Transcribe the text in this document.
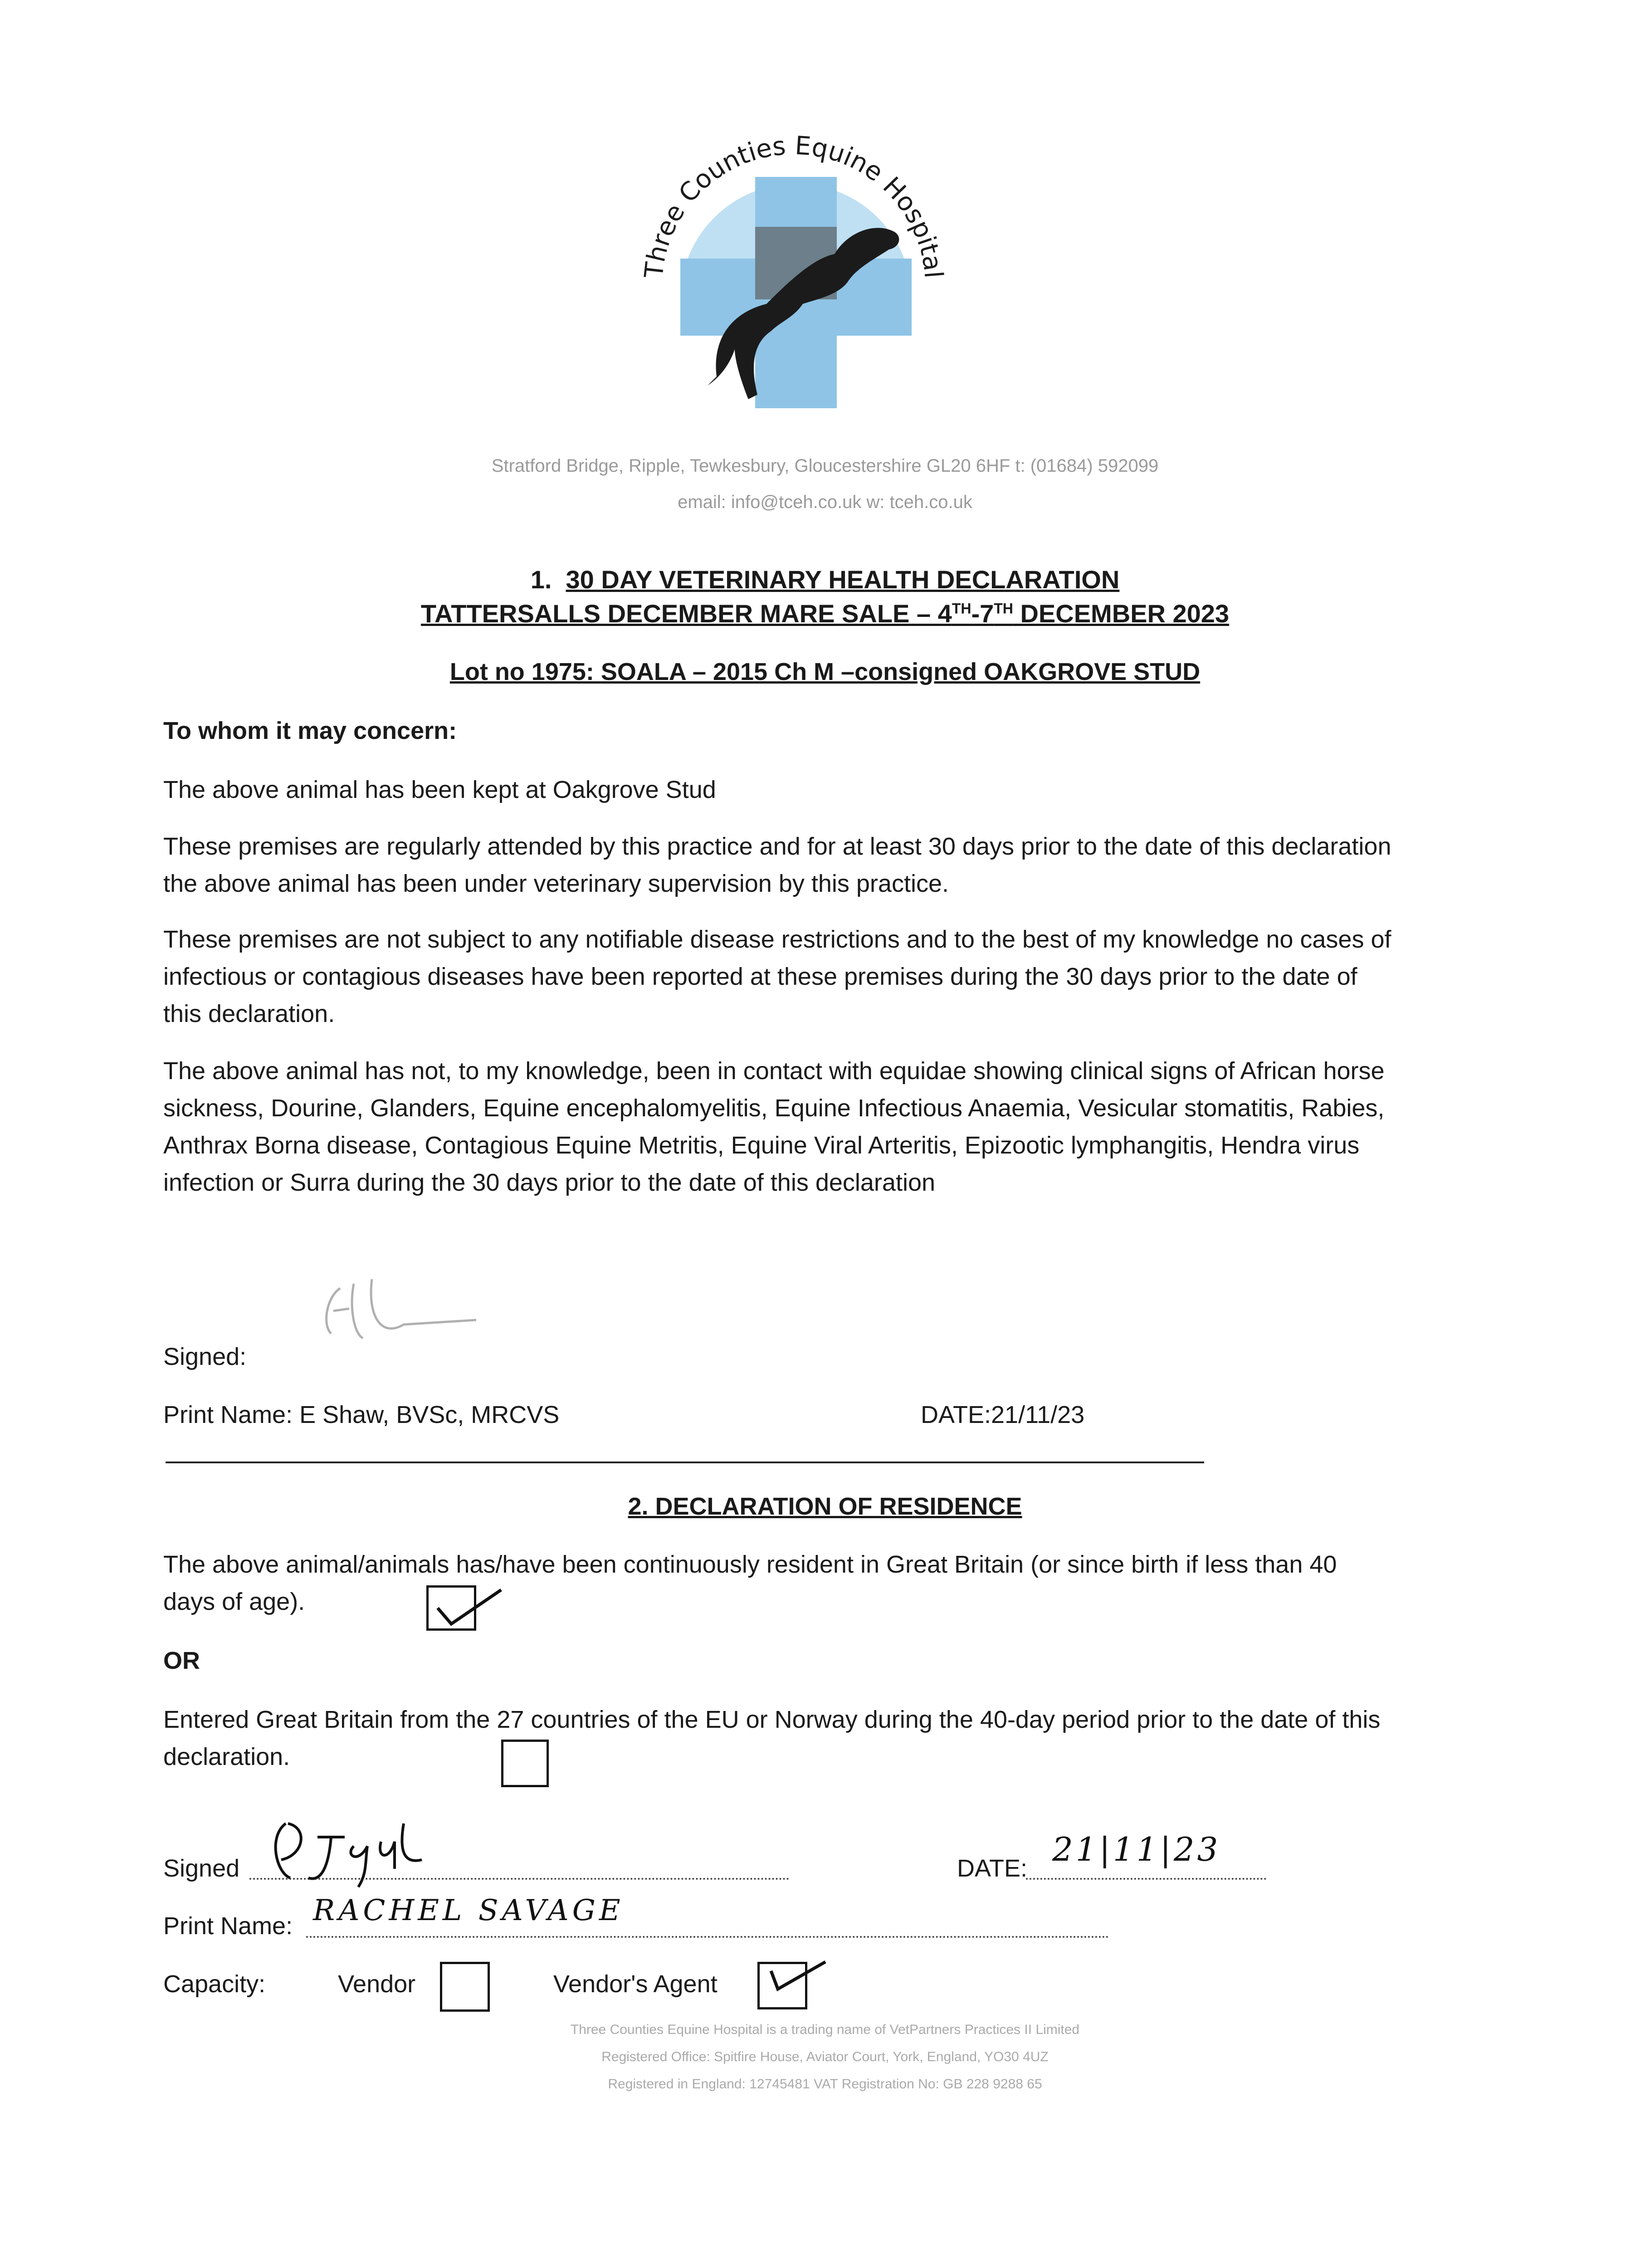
Three Counties Equine Hospital
Stratford Bridge, Ripple, Tewkesbury, Gloucestershire GL20 6HF t: (01684) 592099
email: info@tceh.co.uk w: tceh.co.uk
1. 30 DAY VETERINARY HEALTH DECLARATION
TATTERSALLS DECEMBER MARE SALE – 4TH-7TH DECEMBER 2023
Lot no 1975: SOALA – 2015 Ch M –consigned OAKGROVE STUD
To whom it may concern:
The above animal has been kept at Oakgrove Stud
These premises are regularly attended by this practice and for at least 30 days prior to the date of this declaration the above animal has been under veterinary supervision by this practice.
These premises are not subject to any notifiable disease restrictions and to the best of my knowledge no cases of infectious or contagious diseases have been reported at these premises during the 30 days prior to the date of this declaration.
The above animal has not, to my knowledge, been in contact with equidae showing clinical signs of African horse sickness, Dourine, Glanders, Equine encephalomyelitis, Equine Infectious Anaemia, Vesicular stomatitis, Rabies, Anthrax Borna disease, Contagious Equine Metritis, Equine Viral Arteritis, Epizootic lymphangitis, Hendra virus infection or Surra during the 30 days prior to the date of this declaration
Signed:
Print Name: E Shaw, BVSc, MRCVS	DATE:21/11/23
2. DECLARATION OF RESIDENCE
The above animal/animals has/have been continuously resident in Great Britain (or since birth if less than 40 days of age).
OR
Entered Great Britain from the 27 countries of the EU or Norway during the 40-day period prior to the date of this declaration.
Signed	DATE: 21|11|23
Print Name: RACHEL SAVAGE
Capacity:	Vendor	Vendor's Agent
Three Counties Equine Hospital is a trading name of VetPartners Practices II Limited
Registered Office: Spitfire House, Aviator Court, York, England, YO30 4UZ
Registered in England: 12745481 VAT Registration No: GB 228 9288 65
